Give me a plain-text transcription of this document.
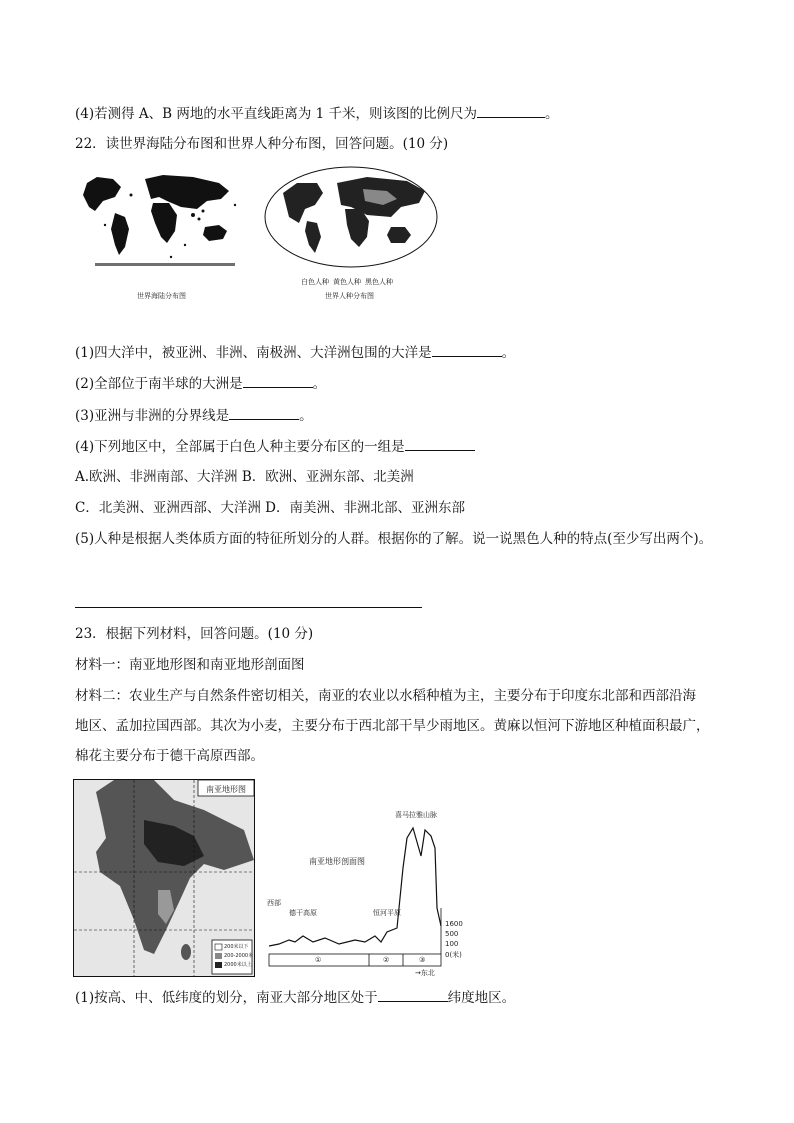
(4)若测得 A、B 两地的水平直线距离为 1 千米，则该图的比例尺为	。
22．读世界海陆分布图和世界人种分布图，回答问题。(10 分)
世界海陆分布图
白色人种 黄色人种 黑色人种
世界人种分布图
(1)四大洋中，被亚洲、非洲、南极洲、大洋洲包围的大洋是	。
(2)全部位于南半球的大洲是	。
(3)亚洲与非洲的分界线是	。
(4)下列地区中，全部属于白色人种主要分布区的一组是
A.欧洲、非洲南部、大洋洲 B．欧洲、亚洲东部、北美洲
C．北美洲、亚洲西部、大洋洲 D．南美洲、非洲北部、亚洲东部
(5)人种是根据人类体质方面的特征所划分的人群。根据你的了解。说一说黑色人种的特点(至少写出两个)。
23．根据下列材料，回答问题。(10 分)
材料一：南亚地形图和南亚地形剖面图
材料二：农业生产与自然条件密切相关，南亚的农业以水稻种植为主，主要分布于印度东北部和西部沿海
地区、孟加拉国西部。其次为小麦，主要分布于西北部干旱少雨地区。黄麻以恒河下游地区种植面积最广，
棉花主要分布于德干高原西部。
南亚地形图
200米以下
200-2000米
2000米以上
南亚地形剖面图
西部
德干高原	恒河平原
喜马拉雅山脉
→东北
1600
500
100
0(米)
①	②	③
(1)按高、中、低纬度的划分，南亚大部分地区处于	纬度地区。
